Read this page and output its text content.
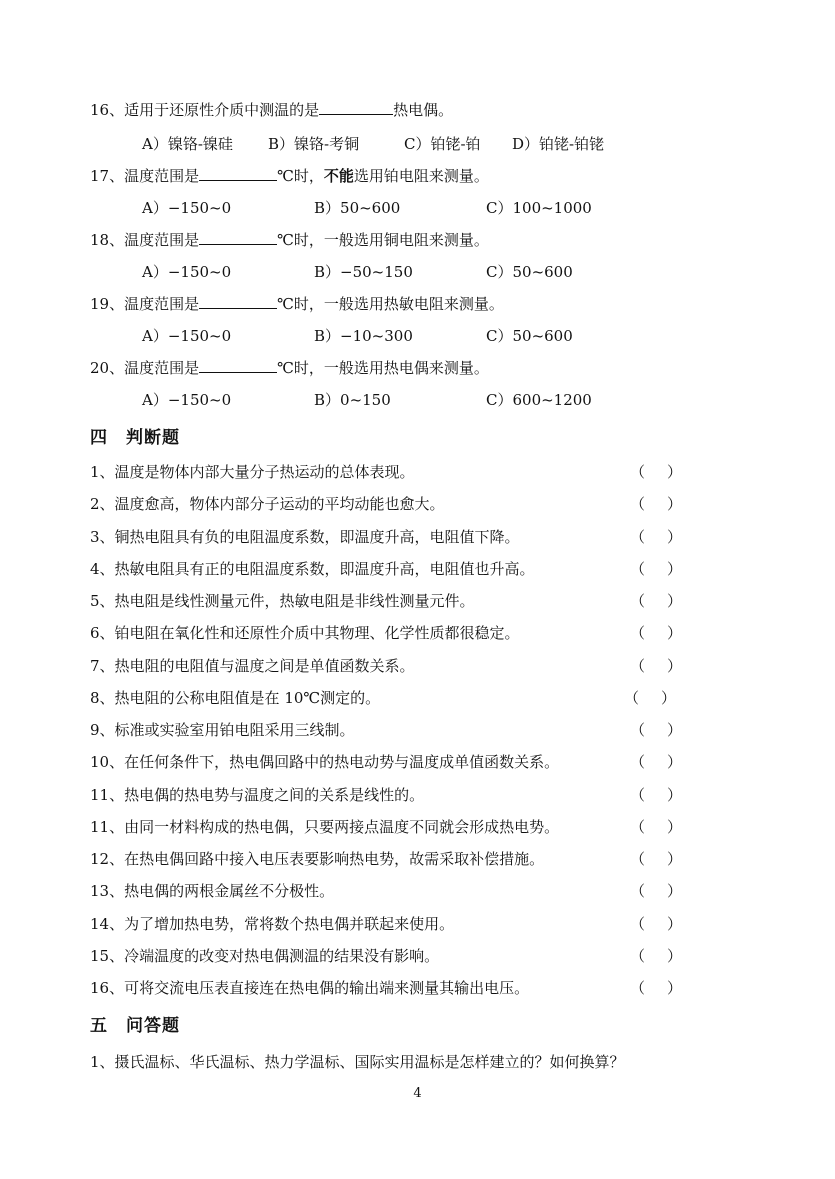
16、适用于还原性介质中测温的是	热电偶。
A）镍铬-镍硅 B）镍铬-考铜	C）铂铑-铂 D）铂铑-铂铑
17、温度范围是	℃时，不能选用铂电阻来测量。
A）−150~0	B）50~600	C）100~1000
18、温度范围是	℃时，一般选用铜电阻来测量。
A）−150~0	B）−50~150	C）50~600
19、温度范围是	℃时，一般选用热敏电阻来测量。
A）−150~0	B）−10~300	C）50~600
20、温度范围是	℃时，一般选用热电偶来测量。
A）−150~0	B）0~150	C）600~1200
四　判断题
1、温度是物体内部大量分子热运动的总体表现。	（ ）
2、温度愈高，物体内部分子运动的平均动能也愈大。	（ ）
3、铜热电阻具有负的电阻温度系数，即温度升高，电阻值下降。	（ ）
4、热敏电阻具有正的电阻温度系数，即温度升高，电阻值也升高。	（ ）
5、热电阻是线性测量元件，热敏电阻是非线性测量元件。	（ ）
6、铂电阻在氧化性和还原性介质中其物理、化学性质都很稳定。	（ ）
7、热电阻的电阻值与温度之间是单值函数关系。	（ ）
8、热电阻的公称电阻值是在 10℃测定的。	（ ）
9、标准或实验室用铂电阻采用三线制。	（ ）
10、在任何条件下，热电偶回路中的热电动势与温度成单值函数关系。	（ ）
11、热电偶的热电势与温度之间的关系是线性的。	（ ）
11、由同一材料构成的热电偶，只要两接点温度不同就会形成热电势。	（ ）
12、在热电偶回路中接入电压表要影响热电势，故需采取补偿措施。	（ ）
13、热电偶的两根金属丝不分极性。	（ ）
14、为了增加热电势，常将数个热电偶并联起来使用。	（ ）
15、冷端温度的改变对热电偶测温的结果没有影响。	（ ）
16、可将交流电压表直接连在热电偶的输出端来测量其输出电压。	（ ）
五　问答题
1、摄氏温标、华氏温标、热力学温标、国际实用温标是怎样建立的？如何换算？
4
